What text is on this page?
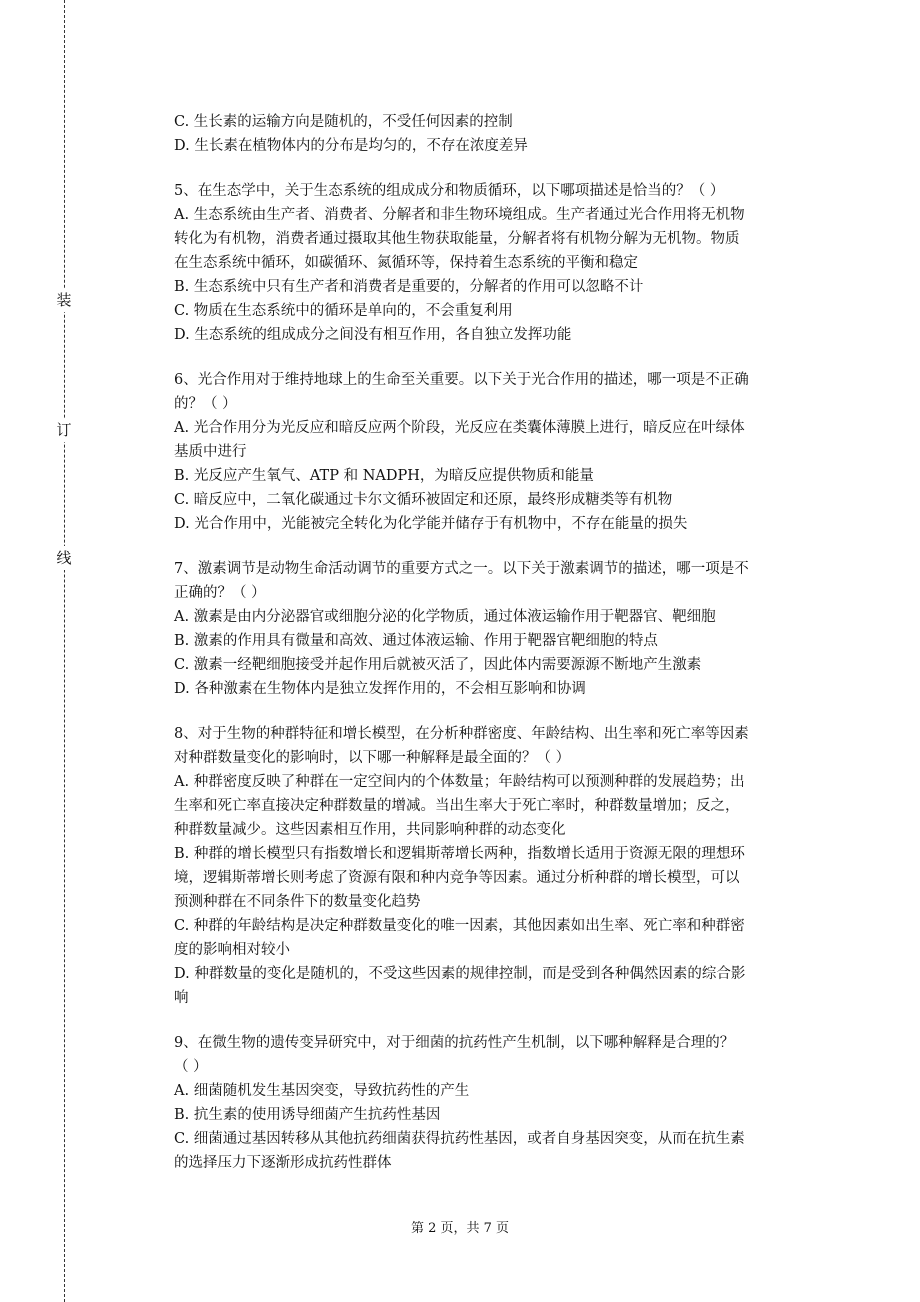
装
订
线

C. 生长素的运输方向是随机的，不受任何因素的控制

D. 生长素在植物体内的分布是均匀的，不存在浓度差异

5、在生态学中，关于生态系统的组成成分和物质循环，以下哪项描述是恰当的？（ ）

A. 生态系统由生产者、消费者、分解者和非生物环境组成。生产者通过光合作用将无机物

转化为有机物，消费者通过摄取其他生物获取能量，分解者将有机物分解为无机物。物质

在生态系统中循环，如碳循环、氮循环等，保持着生态系统的平衡和稳定

B. 生态系统中只有生产者和消费者是重要的，分解者的作用可以忽略不计

C. 物质在生态系统中的循环是单向的，不会重复利用

D. 生态系统的组成成分之间没有相互作用，各自独立发挥功能

6、光合作用对于维持地球上的生命至关重要。以下关于光合作用的描述，哪一项是不正确

的？（ ）

A. 光合作用分为光反应和暗反应两个阶段，光反应在类囊体薄膜上进行，暗反应在叶绿体

基质中进行

B. 光反应产生氧气、ATP 和 NADPH，为暗反应提供物质和能量

C. 暗反应中，二氧化碳通过卡尔文循环被固定和还原，最终形成糖类等有机物

D. 光合作用中，光能被完全转化为化学能并储存于有机物中，不存在能量的损失

7、激素调节是动物生命活动调节的重要方式之一。以下关于激素调节的描述，哪一项是不

正确的？（ ）

A. 激素是由内分泌器官或细胞分泌的化学物质，通过体液运输作用于靶器官、靶细胞

B. 激素的作用具有微量和高效、通过体液运输、作用于靶器官靶细胞的特点

C. 激素一经靶细胞接受并起作用后就被灭活了，因此体内需要源源不断地产生激素

D. 各种激素在生物体内是独立发挥作用的，不会相互影响和协调

8、对于生物的种群特征和增长模型，在分析种群密度、年龄结构、出生率和死亡率等因素

对种群数量变化的影响时，以下哪一种解释是最全面的？（ ）

A. 种群密度反映了种群在一定空间内的个体数量；年龄结构可以预测种群的发展趋势；出

生率和死亡率直接决定种群数量的增减。当出生率大于死亡率时，种群数量增加；反之，

种群数量减少。这些因素相互作用，共同影响种群的动态变化

B. 种群的增长模型只有指数增长和逻辑斯蒂增长两种，指数增长适用于资源无限的理想环

境，逻辑斯蒂增长则考虑了资源有限和种内竞争等因素。通过分析种群的增长模型，可以

预测种群在不同条件下的数量变化趋势

C. 种群的年龄结构是决定种群数量变化的唯一因素，其他因素如出生率、死亡率和种群密

度的影响相对较小

D. 种群数量的变化是随机的，不受这些因素的规律控制，而是受到各种偶然因素的综合影

响

9、在微生物的遗传变异研究中，对于细菌的抗药性产生机制，以下哪种解释是合理的？

（ ）

A. 细菌随机发生基因突变，导致抗药性的产生

B. 抗生素的使用诱导细菌产生抗药性基因

C. 细菌通过基因转移从其他抗药细菌获得抗药性基因，或者自身基因突变，从而在抗生素

的选择压力下逐渐形成抗药性群体

第 2 页，共 7 页
